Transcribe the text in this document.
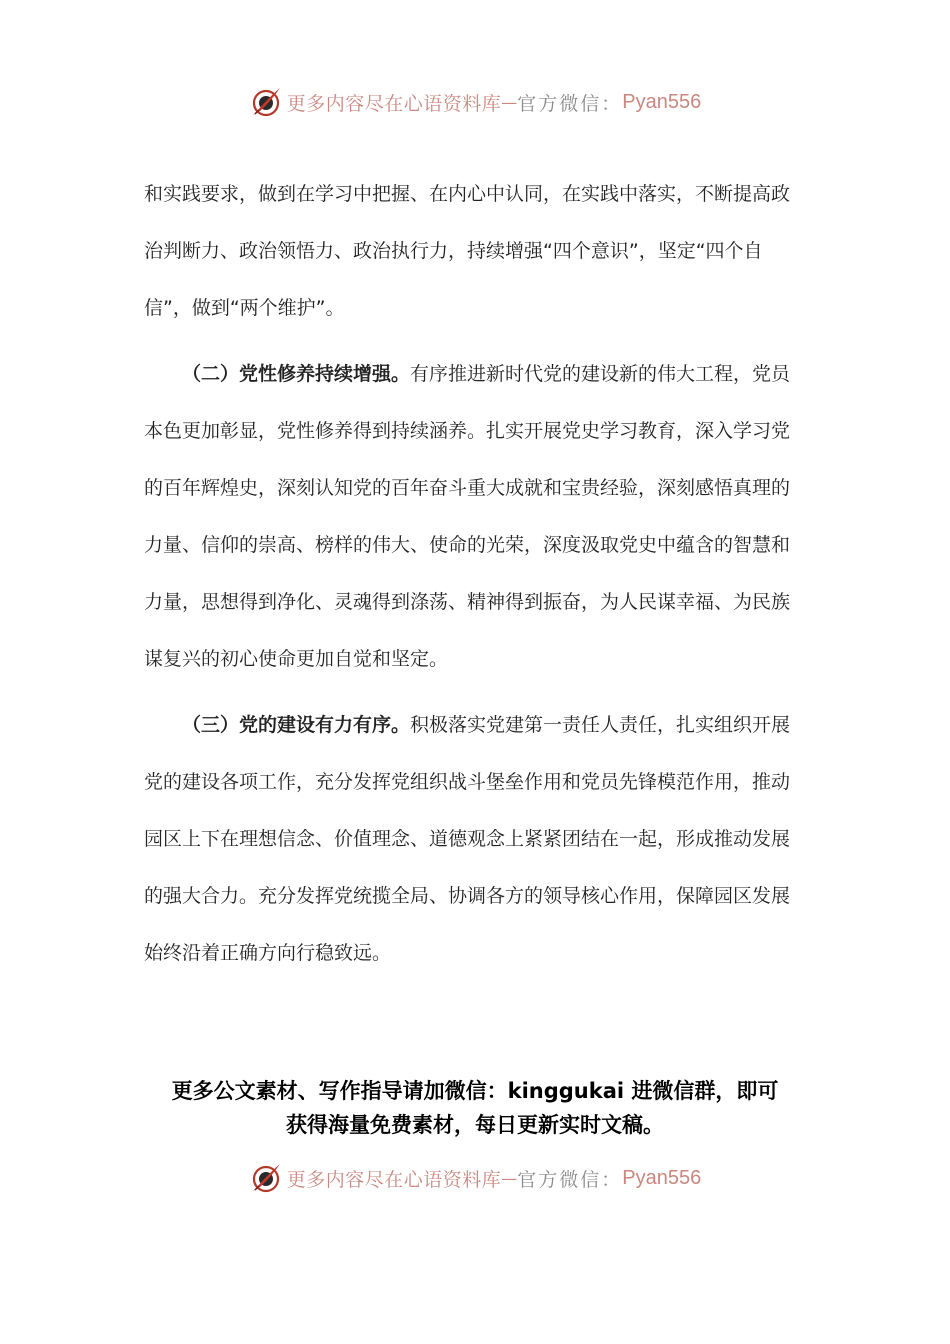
更多内容尽在心语资料库 — 官方微信： Pyan556
和实践要求，做到在学习中把握、在内心中认同，在实践中落实，不断提高政
治判断力、政治领悟力、政治执行力，持续增强“四个意识”，坚定“四个自
信”，做到“两个维护”。
（二）党性修养持续增强。有序推进新时代党的建设新的伟大工程，党员
本色更加彰显，党性修养得到持续涵养。扎实开展党史学习教育，深入学习党
的百年辉煌史，深刻认知党的百年奋斗重大成就和宝贵经验，深刻感悟真理的
力量、信仰的崇高、榜样的伟大、使命的光荣，深度汲取党史中蕴含的智慧和
力量，思想得到净化、灵魂得到涤荡、精神得到振奋，为人民谋幸福、为民族
谋复兴的初心使命更加自觉和坚定。
（三）党的建设有力有序。积极落实党建第一责任人责任，扎实组织开展
党的建设各项工作，充分发挥党组织战斗堡垒作用和党员先锋模范作用，推动
园区上下在理想信念、价值理念、道德观念上紧紧团结在一起，形成推动发展
的强大合力。充分发挥党统揽全局、协调各方的领导核心作用，保障园区发展
始终沿着正确方向行稳致远。
更多公文素材、写作指导请加微信：kinggukai 进微信群，即可
获得海量免费素材，每日更新实时文稿。
更多内容尽在心语资料库 — 官方微信： Pyan556
